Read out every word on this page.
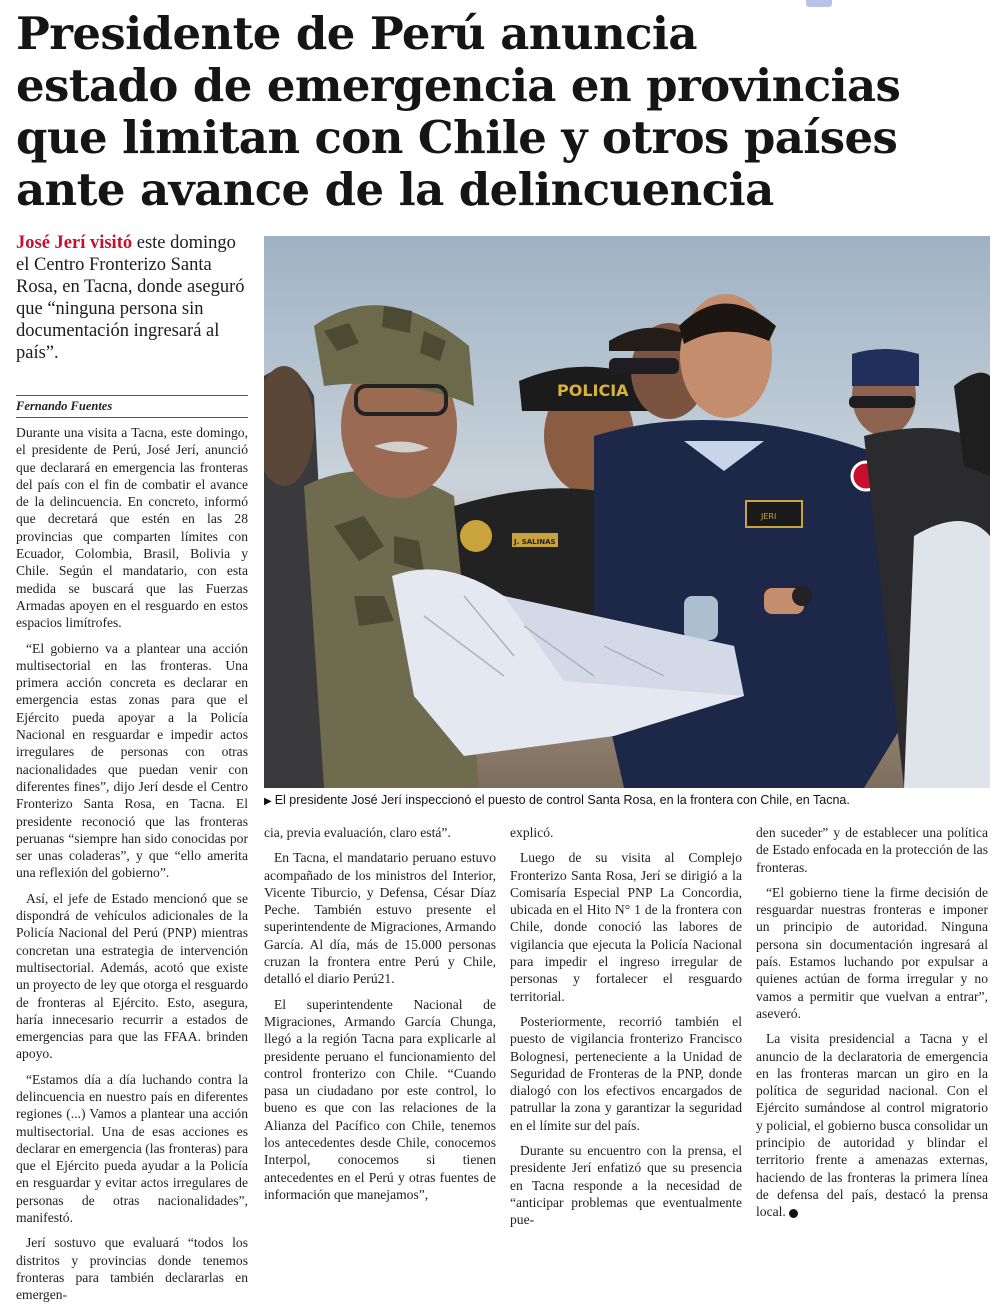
Presidente de Perú anuncia
estado de emergencia en provincias
que limitan con Chile y otros países
ante avance de la delincuencia
José Jerí visitó este domingo el Centro Fronterizo Santa Rosa, en Tacna, donde aseguró que “ninguna persona sin documentación ingresará al país”.
Fernando Fuentes
POLICIA
J. SALINAS R.
JERI
▶ El presidente José Jerí inspeccionó el puesto de control Santa Rosa, en la frontera con Chile, en Tacna.

Durante una visita a Tacna, este domingo, el presidente de Perú, José Jerí, anunció que declarará en emergencia las fronteras del país con el fin de combatir el avance de la delincuencia. En concreto, informó que decretará que estén en las 28 provincias que comparten límites con Ecuador, Colombia, Brasil, Bolivia y Chile. Según el mandatario, con esta medida se buscará que las Fuerzas Armadas apoyen en el resguardo en estos espacios limítrofes.

“El gobierno va a plantear una acción multisectorial en las fronteras. Una primera acción concreta es declarar en emergencia estas zonas para que el Ejército pueda apoyar a la Policía Nacional en resguardar e impedir actos irregulares de personas con otras nacionalidades que puedan venir con diferentes fines”, dijo Jerí desde el Centro Fronterizo Santa Rosa, en Tacna. El presidente reconoció que las fronteras peruanas “siempre han sido conocidas por ser unas coladeras”, y que “ello amerita una reflexión del gobierno”.

Así, el jefe de Estado mencionó que se dispondrá de vehículos adicionales de la Policía Nacional del Perú (PNP) mientras concretan una estrategia de intervención multisectorial. Además, acotó que existe un proyecto de ley que otorga el resguardo de fronteras al Ejército. Esto, asegura, haría innecesario recurrir a estados de emergencias para que las FFAA. brinden apoyo.

“Estamos día a día luchando contra la delincuencia en nuestro país en diferentes regiones (...) Vamos a plantear una acción multisectorial. Una de esas acciones es declarar en emergencia (las fronteras) para que el Ejército pueda ayudar a la Policía en resguardar y evitar actos irregulares de personas de otras nacionalidades”, manifestó.

Jerí sostuvo que evaluará “todos los distritos y provincias donde tenemos fronteras para también declararlas en emergen-

cia, previa evaluación, claro está”.

En Tacna, el mandatario peruano estuvo acompañado de los ministros del Interior, Vicente Tiburcio, y Defensa, César Díaz Peche. También estuvo presente el superintendente de Migraciones, Armando García. Al día, más de 15.000 personas cruzan la frontera entre Perú y Chile, detalló el diario Perú21.

El superintendente Nacional de Migraciones, Armando García Chunga, llegó a la región Tacna para explicarle al presidente peruano el funcionamiento del control fronterizo con Chile. “Cuando pasa un ciudadano por este control, lo bueno es que con las relaciones de la Alianza del Pacífico con Chile, tenemos los antecedentes desde Chile, conocemos Interpol, conocemos si tienen antecedentes en el Perú y otras fuentes de información que manejamos”,

explicó.

Luego de su visita al Complejo Fronterizo Santa Rosa, Jerí se dirigió a la Comisaría Especial PNP La Concordia, ubicada en el Hito N° 1 de la frontera con Chile, donde conoció las labores de vigilancia que ejecuta la Policía Nacional para impedir el ingreso irregular de personas y fortalecer el resguardo territorial.

Posteriormente, recorrió también el puesto de vigilancia fronterizo Francisco Bolognesi, perteneciente a la Unidad de Seguridad de Fronteras de la PNP, donde dialogó con los efectivos encargados de patrullar la zona y garantizar la seguridad en el límite sur del país.

Durante su encuentro con la prensa, el presidente Jerí enfatizó que su presencia en Tacna responde a la necesidad de “anticipar problemas que eventualmente pue-

den suceder” y de establecer una política de Estado enfocada en la protección de las fronteras.

“El gobierno tiene la firme decisión de resguardar nuestras fronteras e imponer un principio de autoridad. Ninguna persona sin documentación ingresará al país. Estamos luchando por expulsar a quienes actúan de forma irregular y no vamos a permitir que vuelvan a entrar”, aseveró.

La visita presidencial a Tacna y el anuncio de la declaratoria de emergencia en las fronteras marcan un giro en la política de seguridad nacional. Con el Ejército sumándose al control migratorio y policial, el gobierno busca consolidar un principio de autoridad y blindar el territorio frente a amenazas externas, haciendo de las fronteras la primera línea de defensa del país, destacó la prensa local.
